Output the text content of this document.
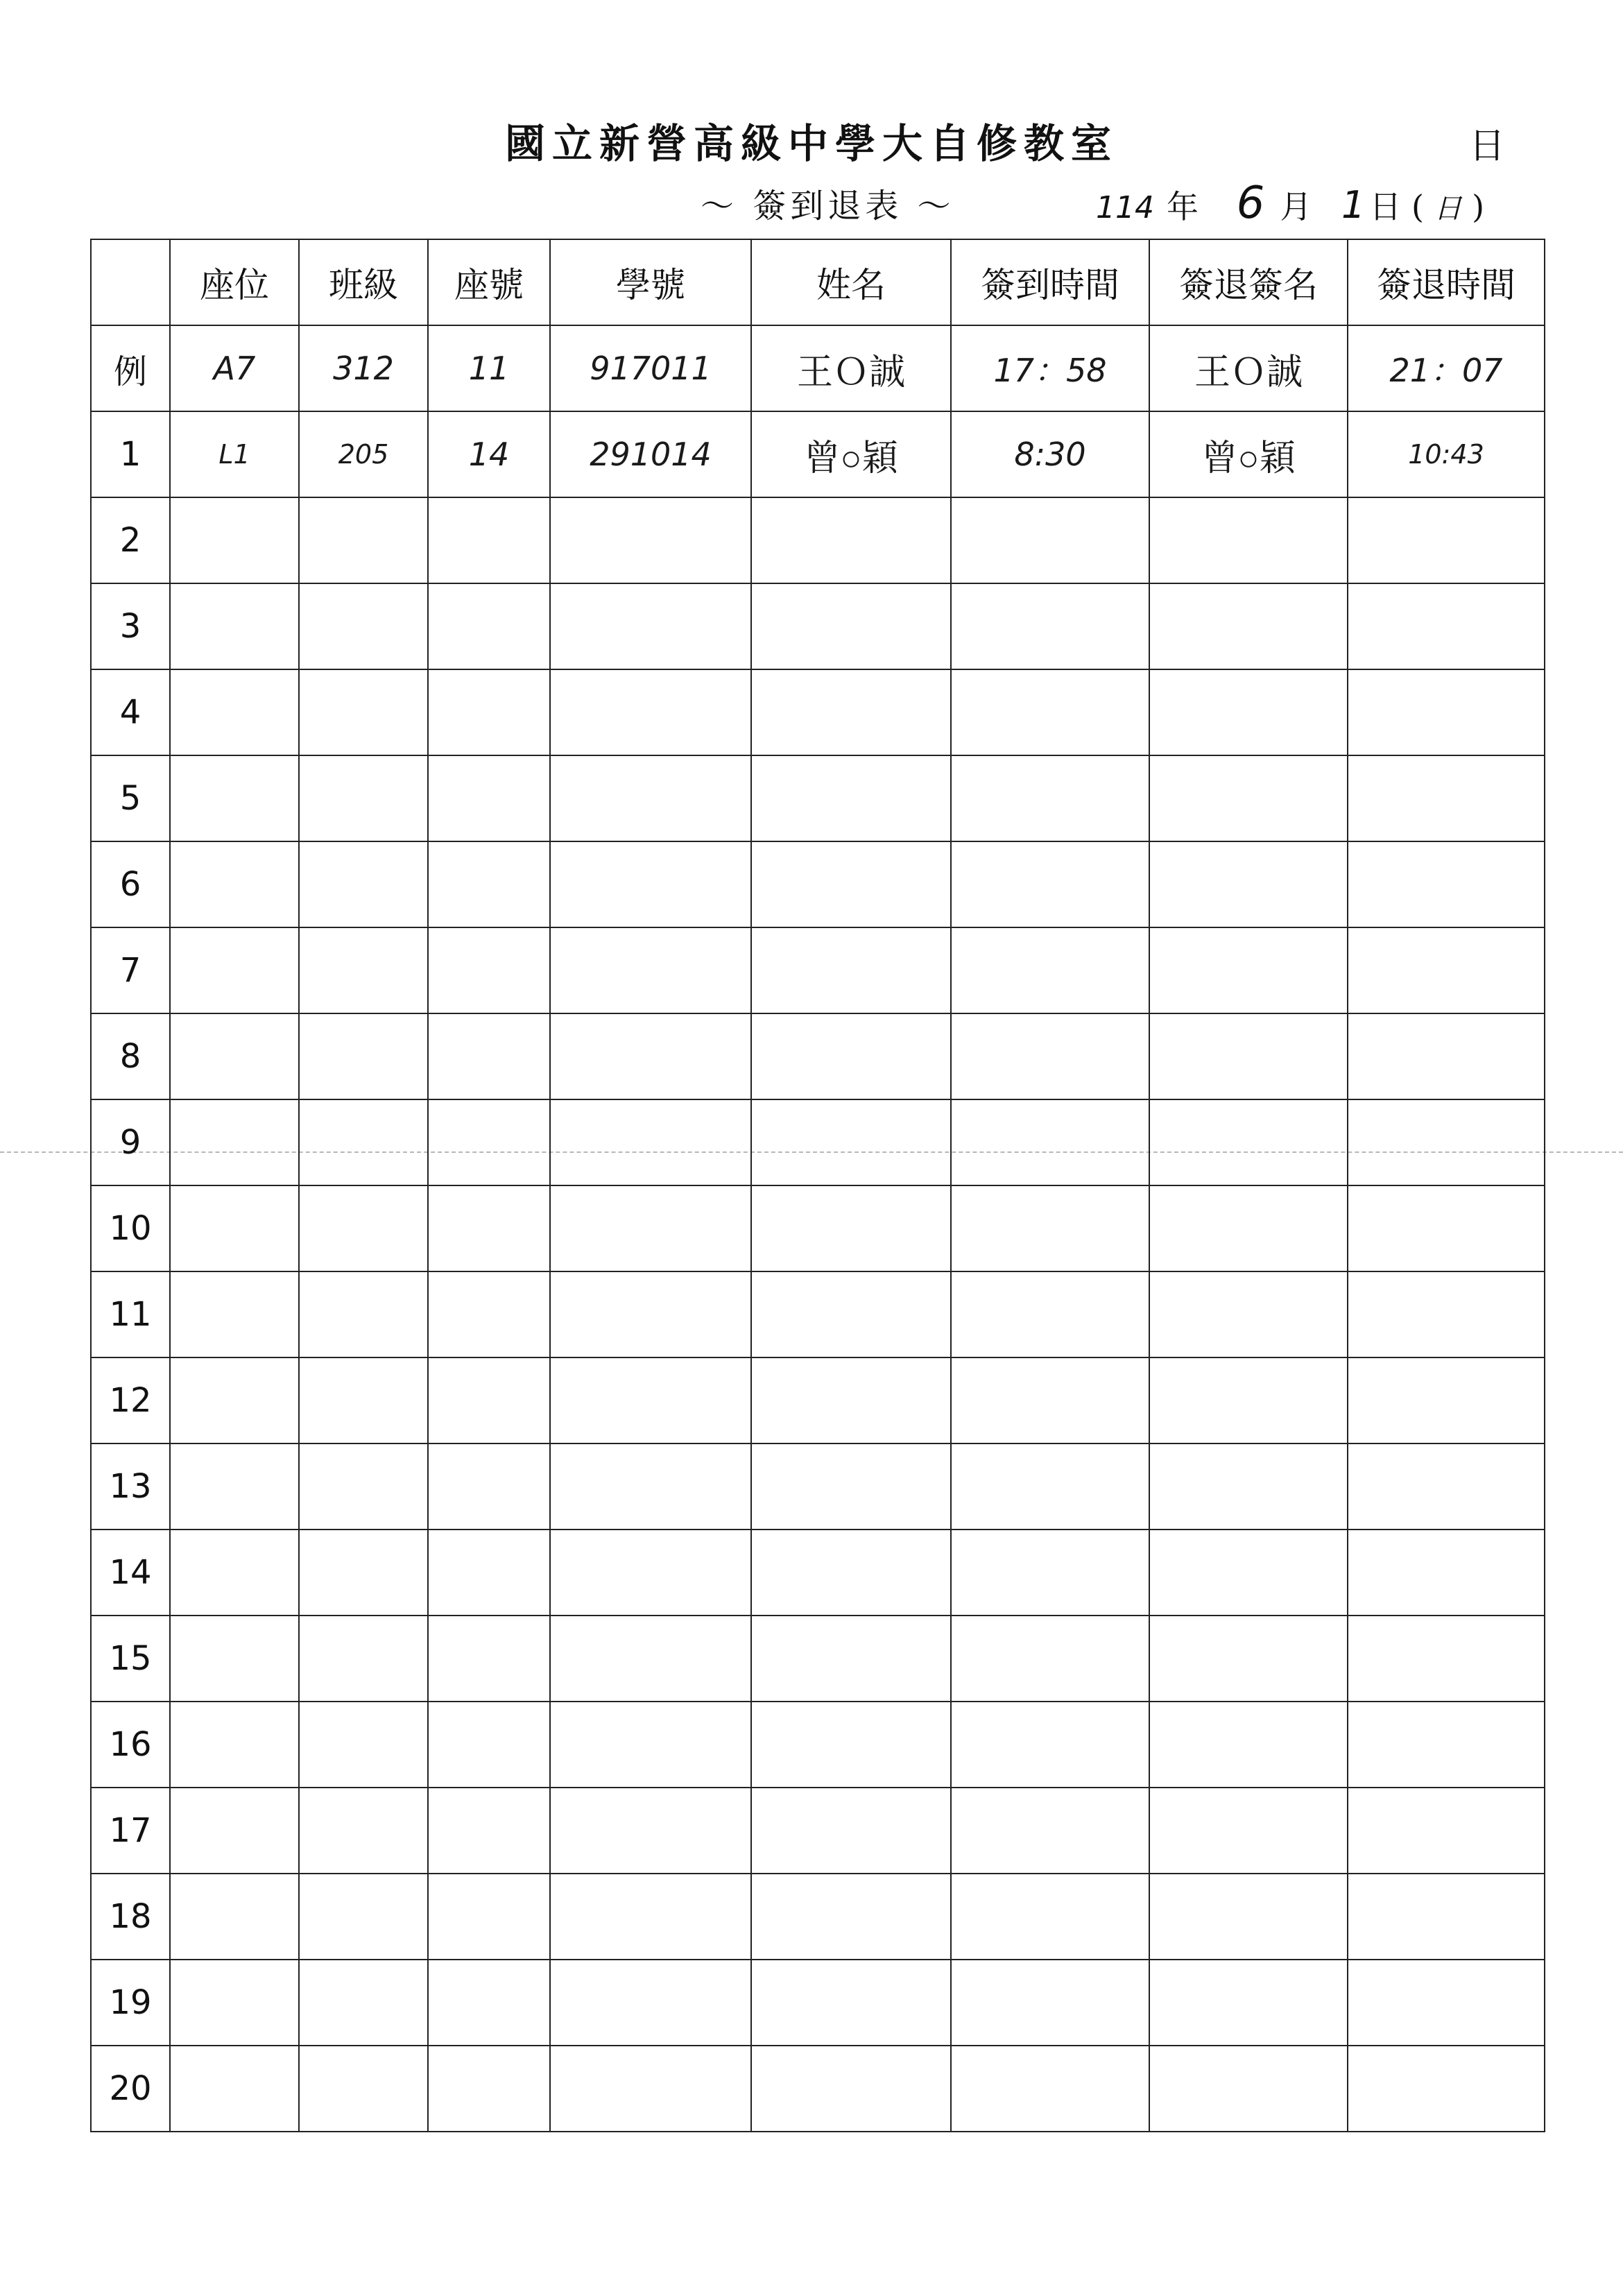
國立新營高級中學大自修教室	日
～ 簽到退表 ～	114 年 6 月 1 日 ( 日 )
	座位	班級	座號	學號	姓名	簽到時間	簽退簽名	簽退時間
例	A7	312	11	917011	王Ｏ誠	17：58	王Ｏ誠	21：07
1	L1	205	14	291014	曾○穎	8:30	曾○穎	10:43
2								
3								
4								
5								
6								
7								
8								
9								
10								
11								
12								
13								
14								
15								
16								
17								
18								
19								
20								
